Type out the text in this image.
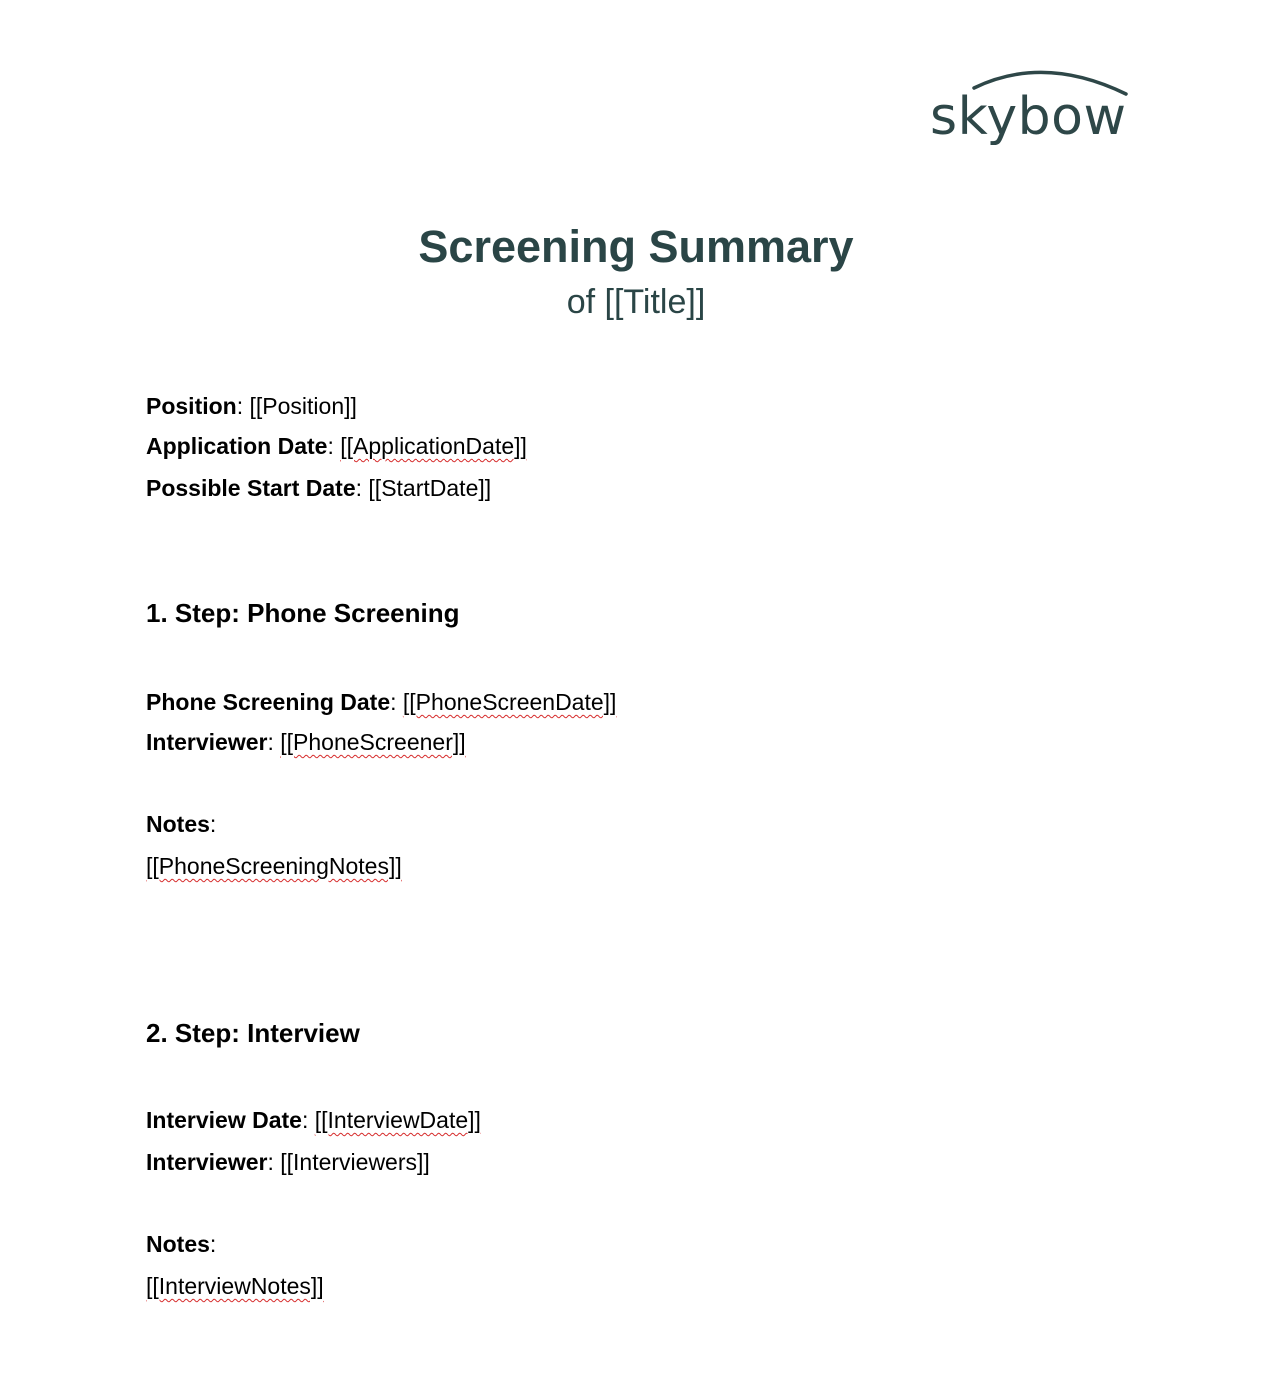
skybow
Screening Summary
of [[Title]]
Position: [[Position]]
Application Date: [[ApplicationDate]]
Possible Start Date: [[StartDate]]
1. Step: Phone Screening
Phone Screening Date: [[PhoneScreenDate]]
Interviewer: [[PhoneScreener]]
Notes:
[[PhoneScreeningNotes]]
2. Step: Interview
Interview Date: [[InterviewDate]]
Interviewer: [[Interviewers]]
Notes:
[[InterviewNotes]]
